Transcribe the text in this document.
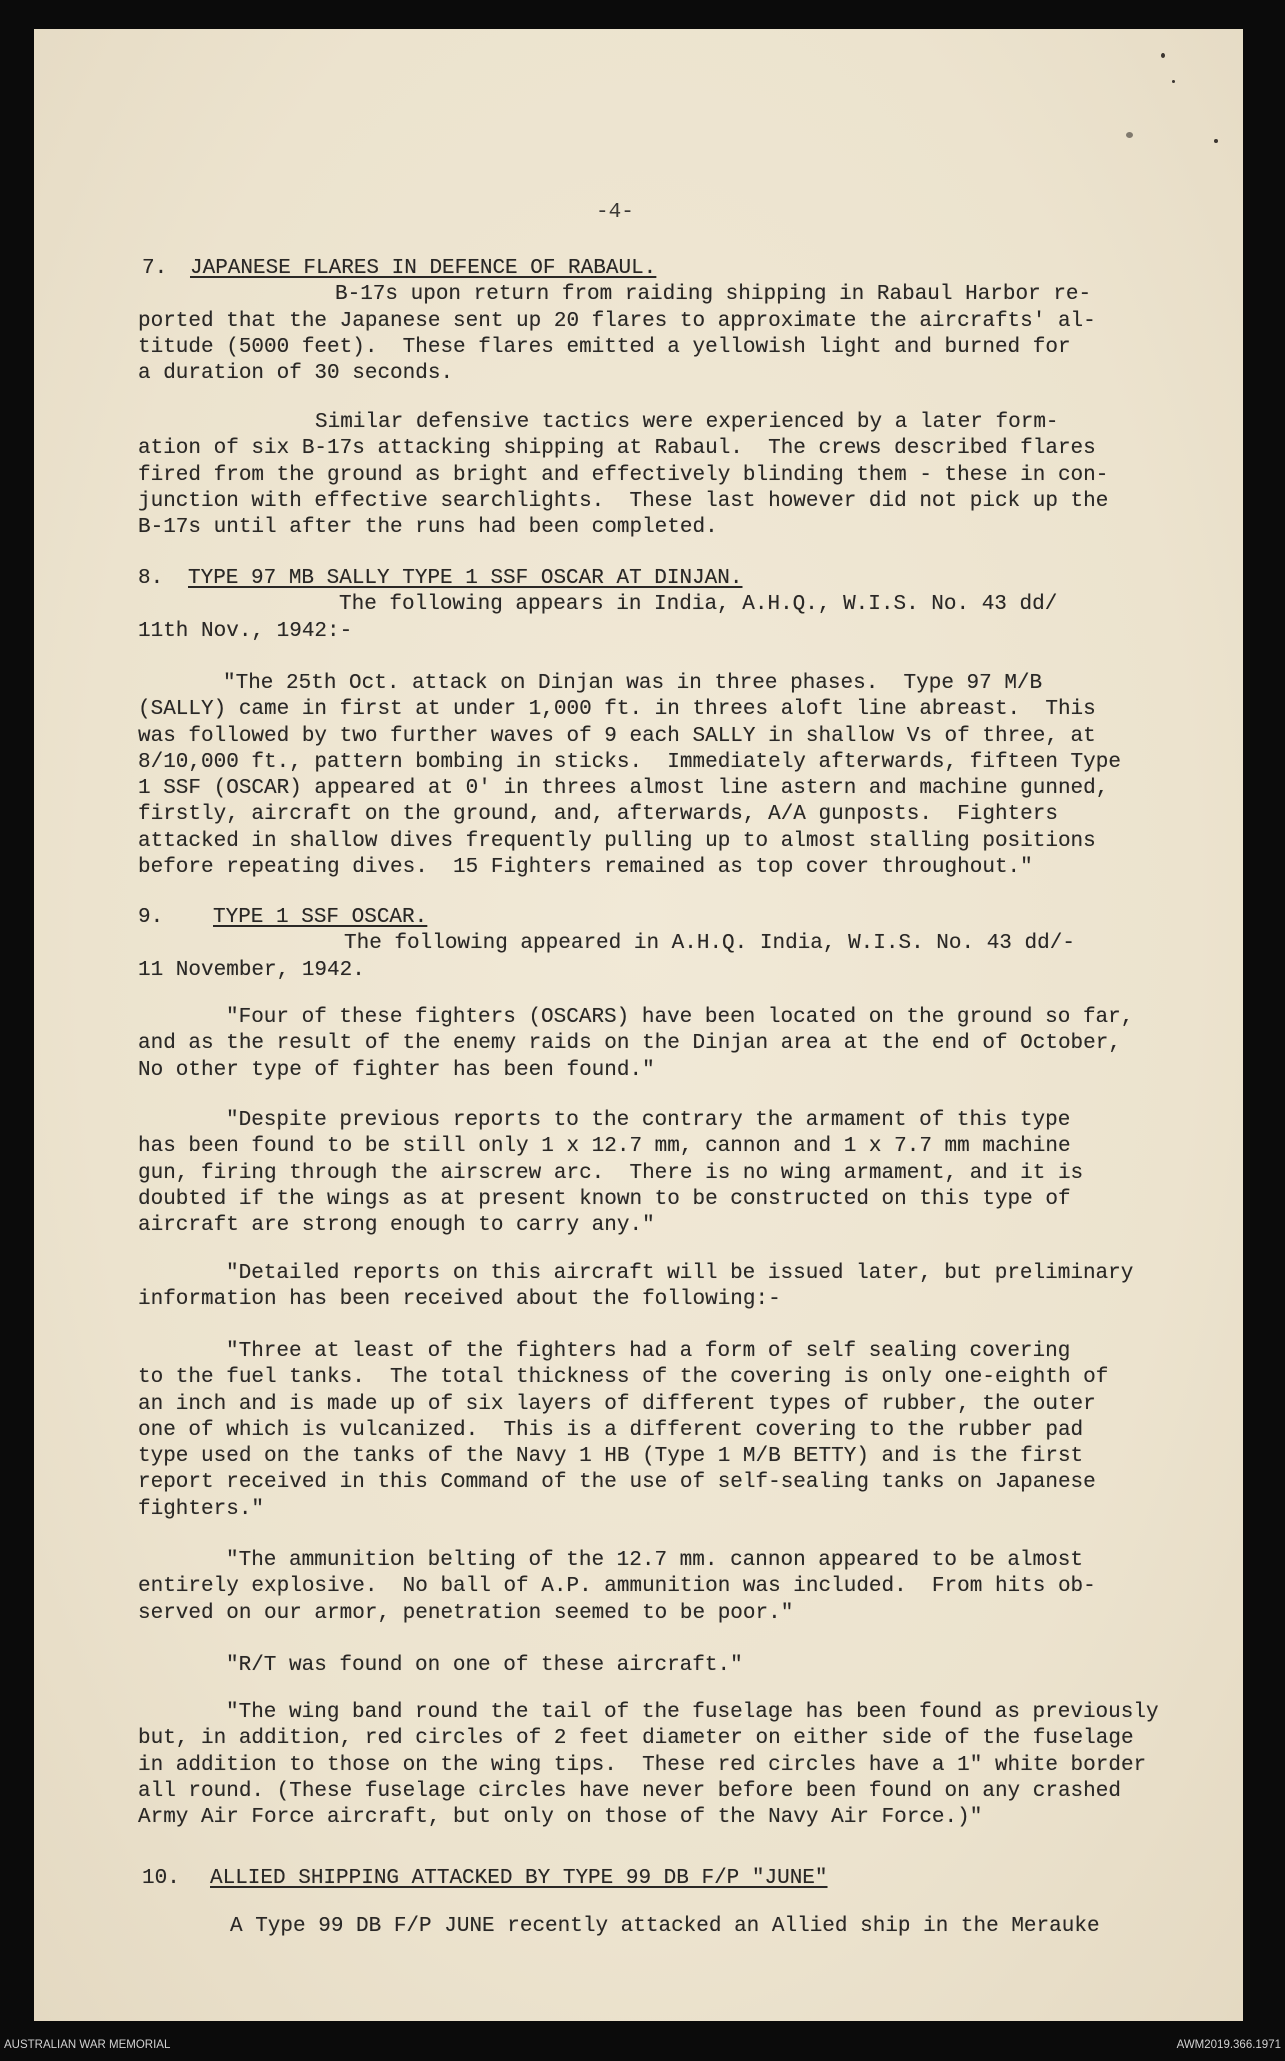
-4-

7.

JAPANESE FLARES IN DEFENCE OF RABAUL.

B-17s upon return from raiding shipping in Rabaul Harbor re-
ported that the Japanese sent up 20 flares to approximate the aircrafts' al-
titude (5000 feet).  These flares emitted a yellowish light and burned for
a duration of 30 seconds.
Similar defensive tactics were experienced by a later form-
ation of six B-17s attacking shipping at Rabaul.  The crews described flares
fired from the ground as bright and effectively blinding them - these in con-
junction with effective searchlights.  These last however did not pick up the
B-17s until after the runs had been completed.

8.

TYPE 97 MB SALLY TYPE 1 SSF OSCAR AT DINJAN.

The following appears in India, A.H.Q., W.I.S. No. 43 dd/
11th Nov., 1942:-
"The 25th Oct. attack on Dinjan was in three phases.  Type 97 M/B
(SALLY) came in first at under 1,000 ft. in threes aloft line abreast.  This
was followed by two further waves of 9 each SALLY in shallow Vs of three, at
8/10,000 ft., pattern bombing in sticks.  Immediately afterwards, fifteen Type
1 SSF (OSCAR) appeared at 0' in threes almost line astern and machine gunned,
firstly, aircraft on the ground, and, afterwards, A/A gunposts.  Fighters
attacked in shallow dives frequently pulling up to almost stalling positions
before repeating dives.  15 Fighters remained as top cover throughout."

9.

TYPE 1 SSF OSCAR.

The following appeared in A.H.Q. India, W.I.S. No. 43 dd/-
11 November, 1942.
"Four of these fighters (OSCARS) have been located on the ground so far,
and as the result of the enemy raids on the Dinjan area at the end of October,
No other type of fighter has been found."
"Despite previous reports to the contrary the armament of this type
has been found to be still only 1 x 12.7 mm, cannon and 1 x 7.7 mm machine
gun, firing through the airscrew arc.  There is no wing armament, and it is
doubted if the wings as at present known to be constructed on this type of
aircraft are strong enough to carry any."
"Detailed reports on this aircraft will be issued later, but preliminary
information has been received about the following:-
"Three at least of the fighters had a form of self sealing covering
to the fuel tanks.  The total thickness of the covering is only one-eighth of
an inch and is made up of six layers of different types of rubber, the outer
one of which is vulcanized.  This is a different covering to the rubber pad
type used on the tanks of the Navy 1 HB (Type 1 M/B BETTY) and is the first
report received in this Command of the use of self-sealing tanks on Japanese
fighters."
"The ammunition belting of the 12.7 mm. cannon appeared to be almost
entirely explosive.  No ball of A.P. ammunition was included.  From hits ob-
served on our armor, penetration seemed to be poor."
"R/T was found on one of these aircraft."
"The wing band round the tail of the fuselage has been found as previously
but, in addition, red circles of 2 feet diameter on either side of the fuselage
in addition to those on the wing tips.  These red circles have a 1" white border
all round. (These fuselage circles have never before been found on any crashed
Army Air Force aircraft, but only on those of the Navy Air Force.)"

10.

ALLIED SHIPPING ATTACKED BY TYPE 99 DB F/P "JUNE"

A Type 99 DB F/P JUNE recently attacked an Allied ship in the Merauke
AUSTRALIAN WAR MEMORIAL	AWM2019.366.1971
